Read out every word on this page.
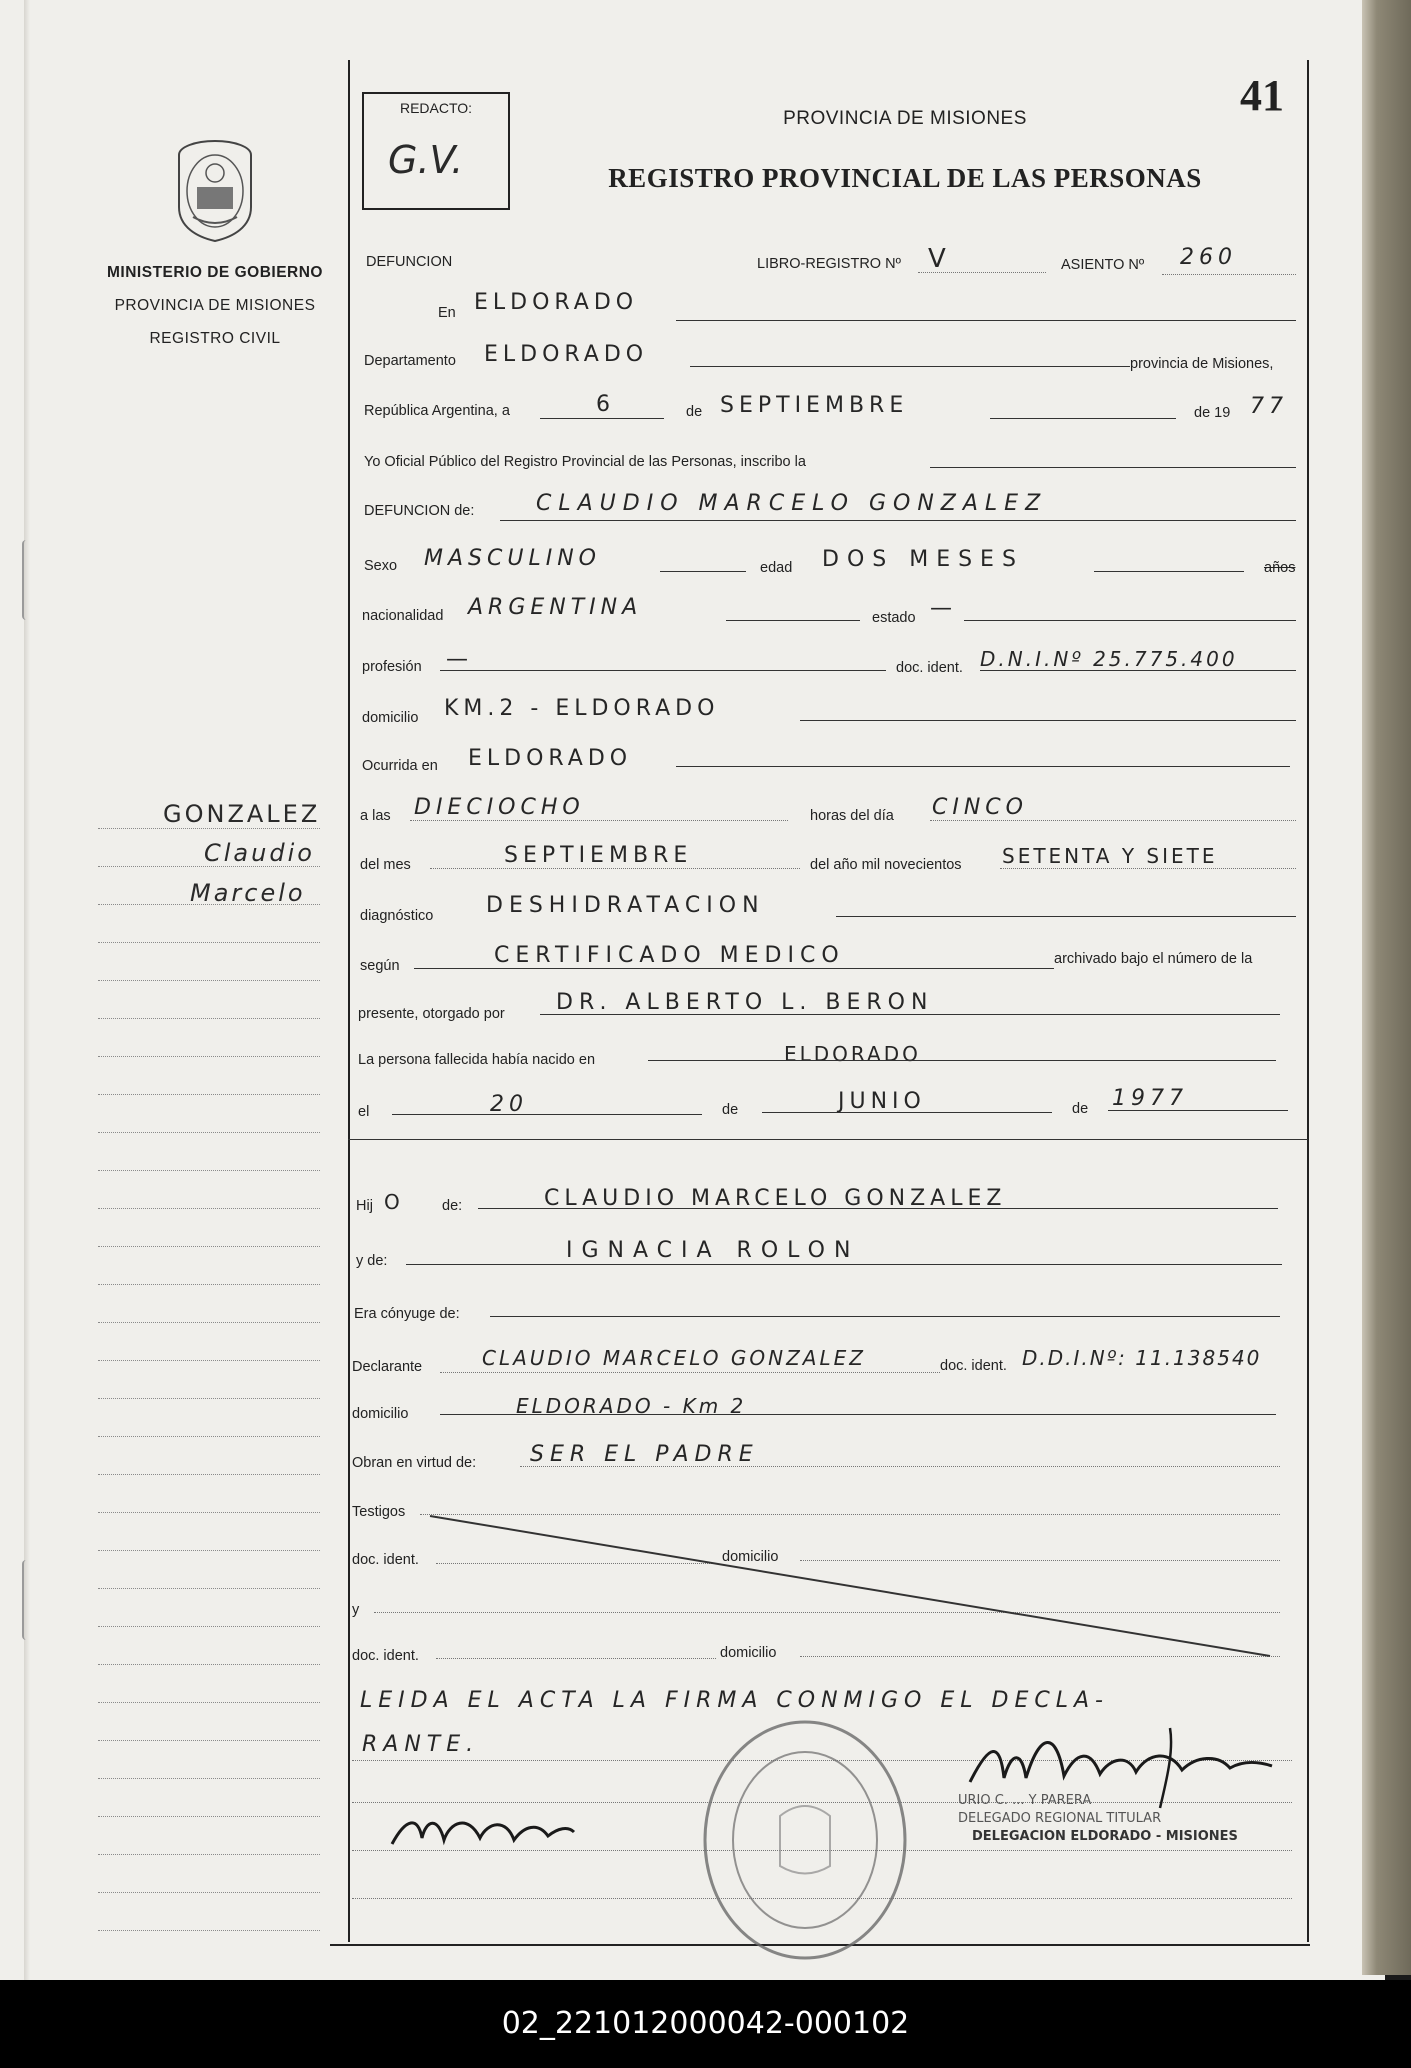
MINISTERIO DE GOBIERNO
PROVINCIA DE MISIONES
REGISTRO CIVIL
GONZALEZ
Claudio
Marcelo
REDACTO:
G.V.
PROVINCIA DE MISIONES
REGISTRO PROVINCIAL DE LAS PERSONAS
41
DEFUNCION	LIBRO-REGISTRO Nº V	ASIENTO Nº 260
En ELDORADO
Departamento ELDORADO	provincia de Misiones,
República Argentina, a	6	de SEPTIEMBRE	de 19 77
Yo Oficial Público del Registro Provincial de las Personas, inscribo la
DEFUNCION de:	CLAUDIO MARCELO GONZALEZ
Sexo MASCULINO	edad DOS MESES	años
nacionalidad ARGENTINA	estado —
profesión —	doc. ident. D.N.I.Nº 25.775.400
domicilio KM.2 - ELDORADO
Ocurrida en ELDORADO
a las DIECIOCHO	horas del día CINCO
del mes	SEPTIEMBRE	del año mil novecientos SETENTA Y SIETE
diagnóstico DESHIDRATACION
según	CERTIFICADO MEDICO	archivado bajo el número de la
presente, otorgado por DR. ALBERTO L. BERON
La persona fallecida había nacido en	ELDORADO
el	20	de	JUNIO	de 1977
Hij O	de:	CLAUDIO MARCELO GONZALEZ
y de:	IGNACIA ROLON
Era cónyuge de:
Declarante	CLAUDIO MARCELO GONZALEZ	doc. ident. D.D.I.Nº: 11.138540
domicilio	ELDORADO - Km 2
Obran en virtud de: SER EL PADRE
Testigos
doc. ident.	domicilio
y
doc. ident.	domicilio
LEIDA EL ACTA LA FIRMA CONMIGO EL DECLA-
RANTE.
URIO C. ... Y PARERA
DELEGADO REGIONAL TITULAR
DELEGACION ELDORADO - MISIONES
02_221012000042-000102
